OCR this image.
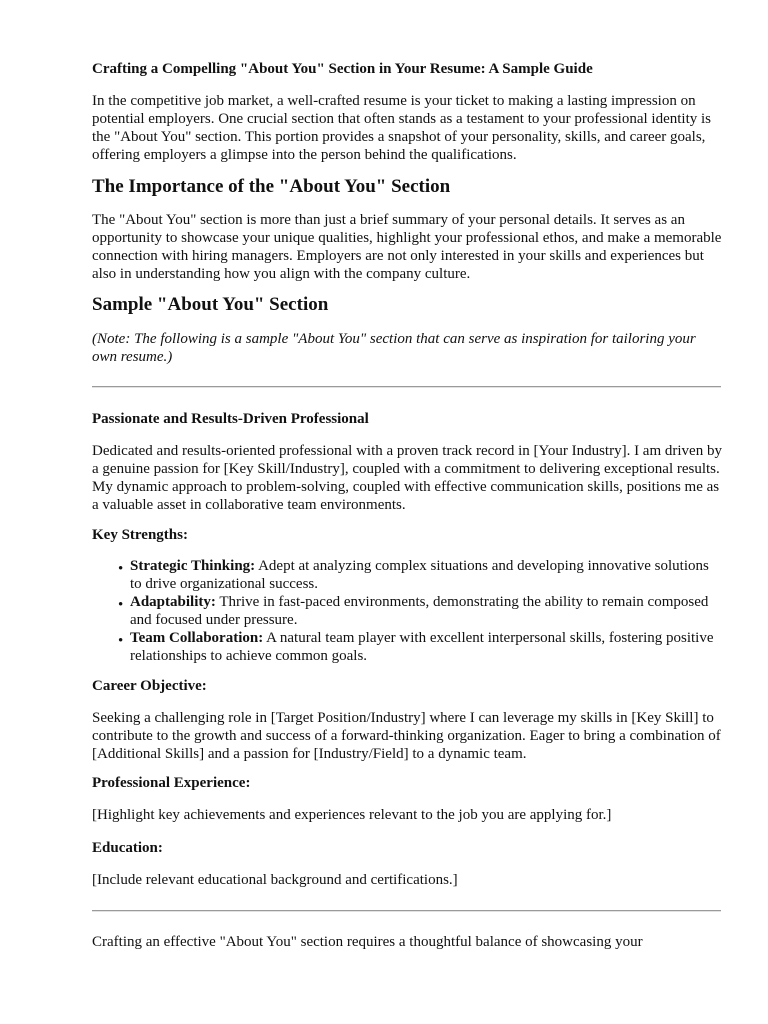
Crafting a Compelling "About You" Section in Your Resume: A Sample Guide

In the competitive job market, a well-crafted resume is your ticket to making a lasting impression on potential employers. One crucial section that often stands as a testament to your professional identity is the "About You" section. This portion provides a snapshot of your personality, skills, and career goals, offering employers a glimpse into the person behind the qualifications.

The Importance of the "About You" Section

The "About You" section is more than just a brief summary of your personal details. It serves as an opportunity to showcase your unique qualities, highlight your professional ethos, and make a memorable connection with hiring managers. Employers are not only interested in your skills and experiences but also in understanding how you align with the company culture.

Sample "About You" Section

(Note: The following is a sample "About You" section that can serve as inspiration for tailoring your own resume.)

Passionate and Results-Driven Professional

Dedicated and results-oriented professional with a proven track record in [Your Industry]. I am driven by a genuine passion for [Key Skill/Industry], coupled with a commitment to delivering exceptional results. My dynamic approach to problem-solving, coupled with effective communication skills, positions me as a valuable asset in collaborative team environments.

Key Strengths:

• Strategic Thinking: Adept at analyzing complex situations and developing innovative solutions to drive organizational success.
• Adaptability: Thrive in fast-paced environments, demonstrating the ability to remain composed and focused under pressure.
• Team Collaboration: A natural team player with excellent interpersonal skills, fostering positive relationships to achieve common goals.

Career Objective:

Seeking a challenging role in [Target Position/Industry] where I can leverage my skills in [Key Skill] to contribute to the growth and success of a forward-thinking organization. Eager to bring a combination of [Additional Skills] and a passion for [Industry/Field] to a dynamic team.

Professional Experience:

[Highlight key achievements and experiences relevant to the job you are applying for.]

Education:

[Include relevant educational background and certifications.]

Crafting an effective "About You" section requires a thoughtful balance of showcasing your
